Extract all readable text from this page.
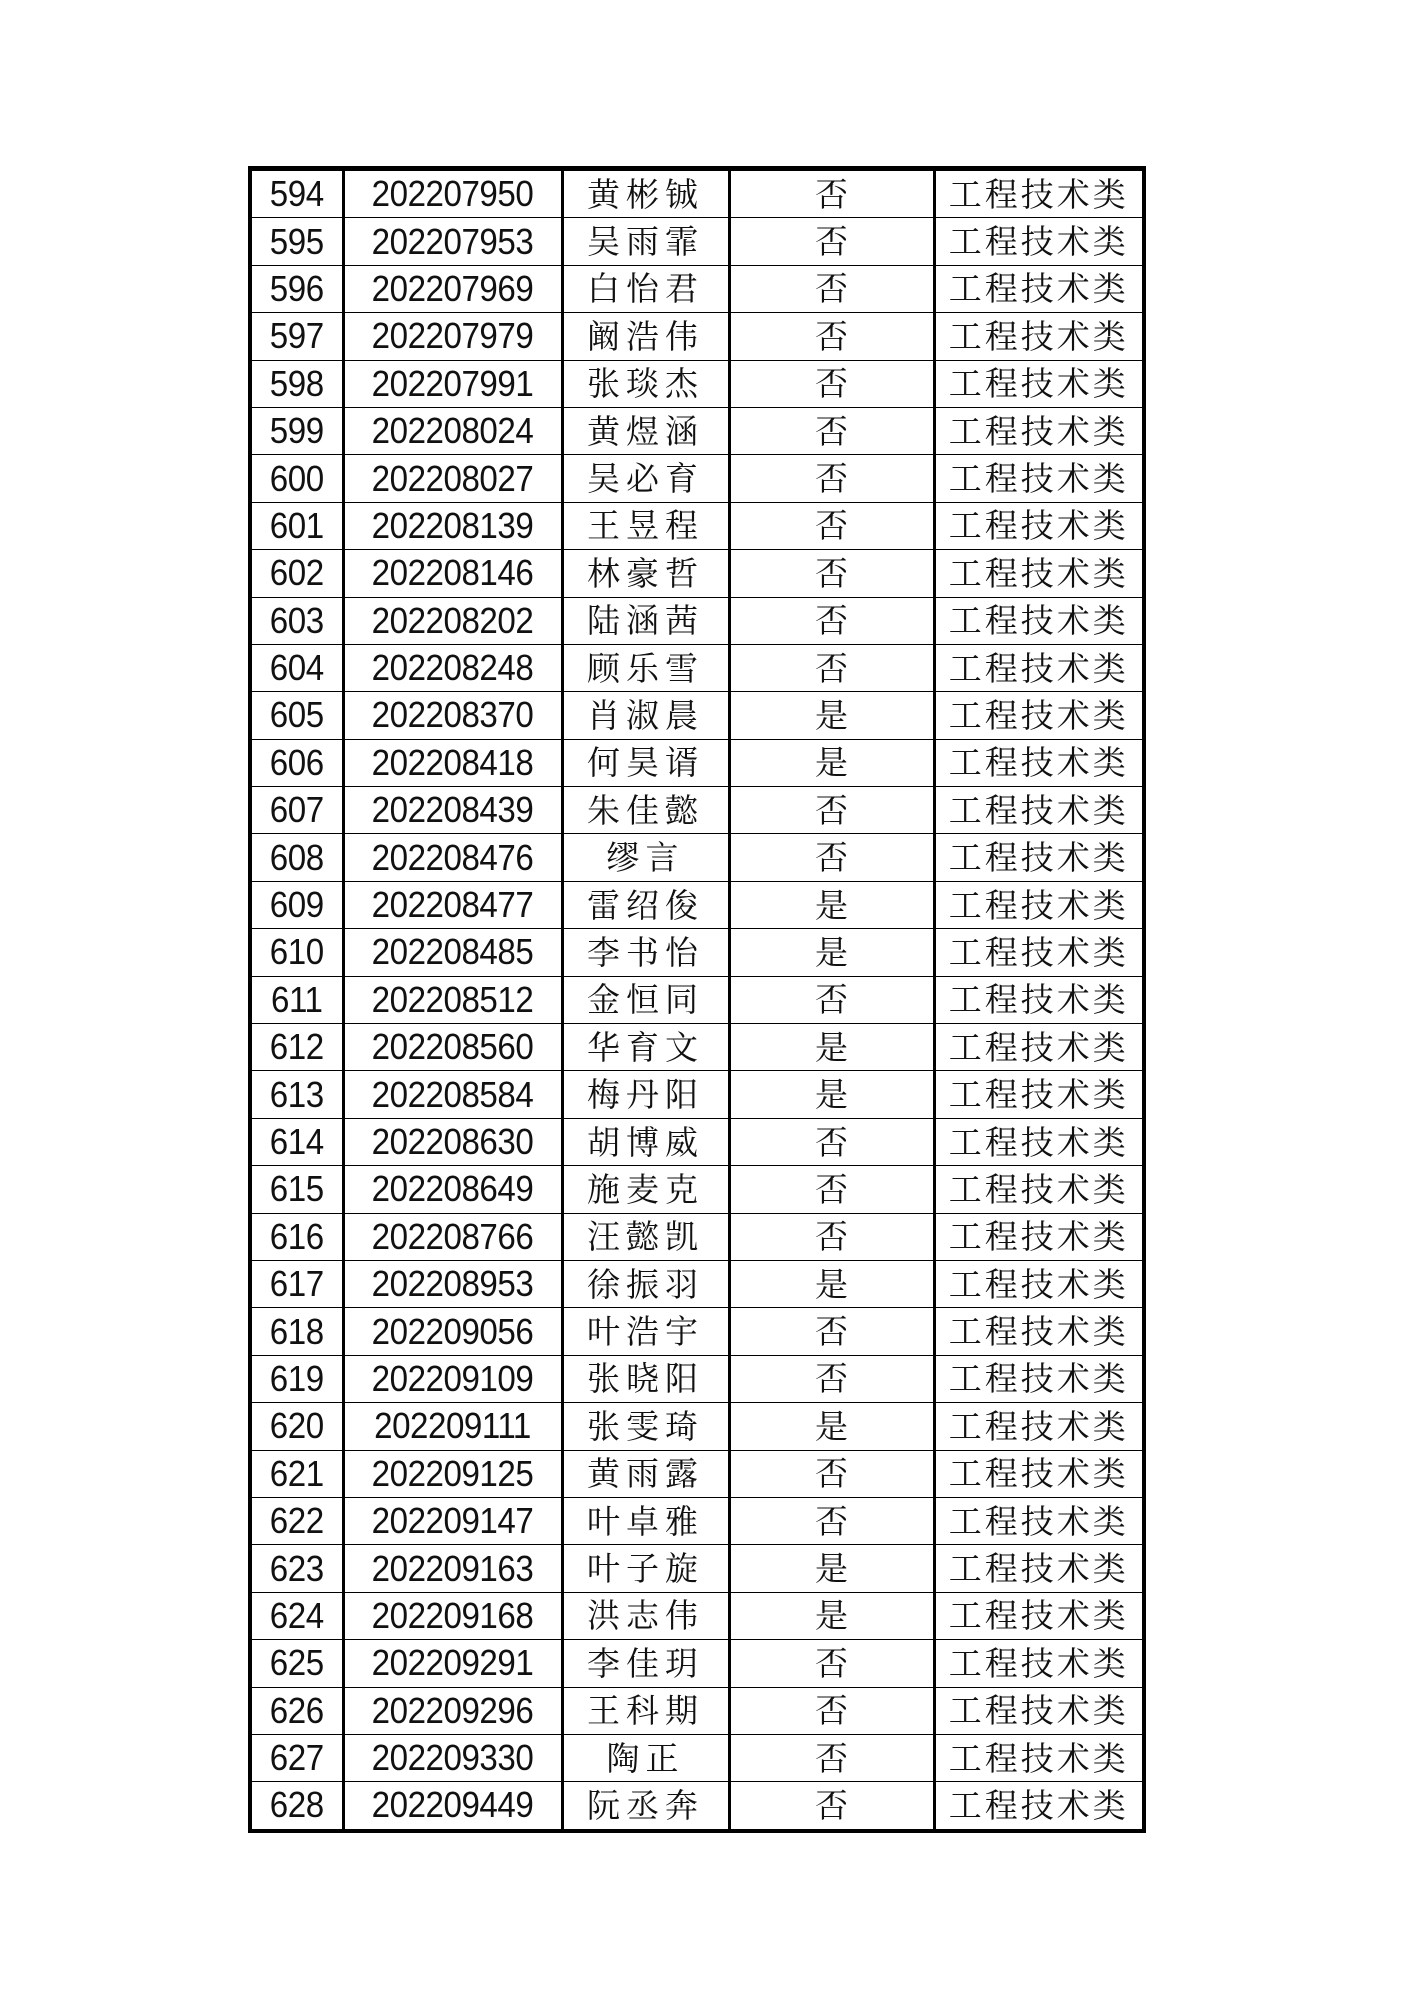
594	202207950	黄彬铖	否	工程技术类
595	202207953	吴雨霏	否	工程技术类
596	202207969	白怡君	否	工程技术类
597	202207979	阚浩伟	否	工程技术类
598	202207991	张琰杰	否	工程技术类
599	202208024	黄煜涵	否	工程技术类
600	202208027	吴必育	否	工程技术类
601	202208139	王昱程	否	工程技术类
602	202208146	林豪哲	否	工程技术类
603	202208202	陆涵茜	否	工程技术类
604	202208248	顾乐雪	否	工程技术类
605	202208370	肖淑晨	是	工程技术类
606	202208418	何昊谞	是	工程技术类
607	202208439	朱佳懿	否	工程技术类
608	202208476	缪言	否	工程技术类
609	202208477	雷绍俊	是	工程技术类
610	202208485	李书怡	是	工程技术类
611	202208512	金恒同	否	工程技术类
612	202208560	华育文	是	工程技术类
613	202208584	梅丹阳	是	工程技术类
614	202208630	胡博威	否	工程技术类
615	202208649	施麦克	否	工程技术类
616	202208766	汪懿凯	否	工程技术类
617	202208953	徐振羽	是	工程技术类
618	202209056	叶浩宇	否	工程技术类
619	202209109	张晓阳	否	工程技术类
620	202209111	张雯琦	是	工程技术类
621	202209125	黄雨露	否	工程技术类
622	202209147	叶卓雅	否	工程技术类
623	202209163	叶子旋	是	工程技术类
624	202209168	洪志伟	是	工程技术类
625	202209291	李佳玥	否	工程技术类
626	202209296	王科期	否	工程技术类
627	202209330	陶正	否	工程技术类
628	202209449	阮丞奔	否	工程技术类
